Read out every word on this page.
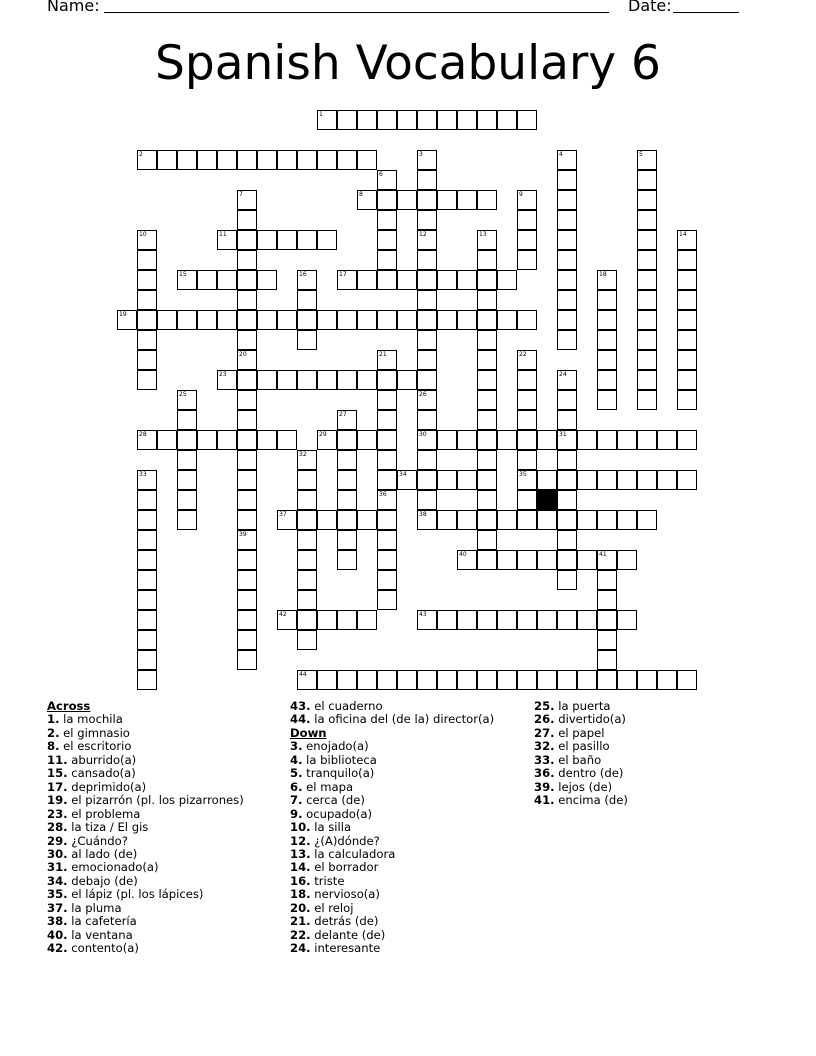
Name:	Date:
Spanish Vocabulary 6
1
2
8
11
15	17
19
23
28	29	30	31
34	35
37	38
40	41
42	43
44
3
12
4	5
6
7
20
9
10	13	14
16	18
21	22
24
25	26
27
32
33
36
39
Across
1. la mochila
2. el gimnasio
8. el escritorio
11. aburrido(a)
15. cansado(a)
17. deprimido(a)
19. el pizarrón (pl. los pizarrones)
23. el problema
28. la tiza / El gis
29. ¿Cuándo?
30. al lado (de)
31. emocionado(a)
34. debajo (de)
35. el lápiz (pl. los lápices)
37. la pluma
38. la cafetería
40. la ventana
42. contento(a)
43. el cuaderno
44. la oficina del (de la) director(a)
Down
3. enojado(a)
4. la biblioteca
5. tranquilo(a)
6. el mapa
7. cerca (de)
9. ocupado(a)
10. la silla
12. ¿(A)dónde?
13. la calculadora
14. el borrador
16. triste
18. nervioso(a)
20. el reloj
21. detrás (de)
22. delante (de)
24. interesante
25. la puerta
26. divertido(a)
27. el papel
32. el pasillo
33. el baño
36. dentro (de)
39. lejos (de)
41. encima (de)
